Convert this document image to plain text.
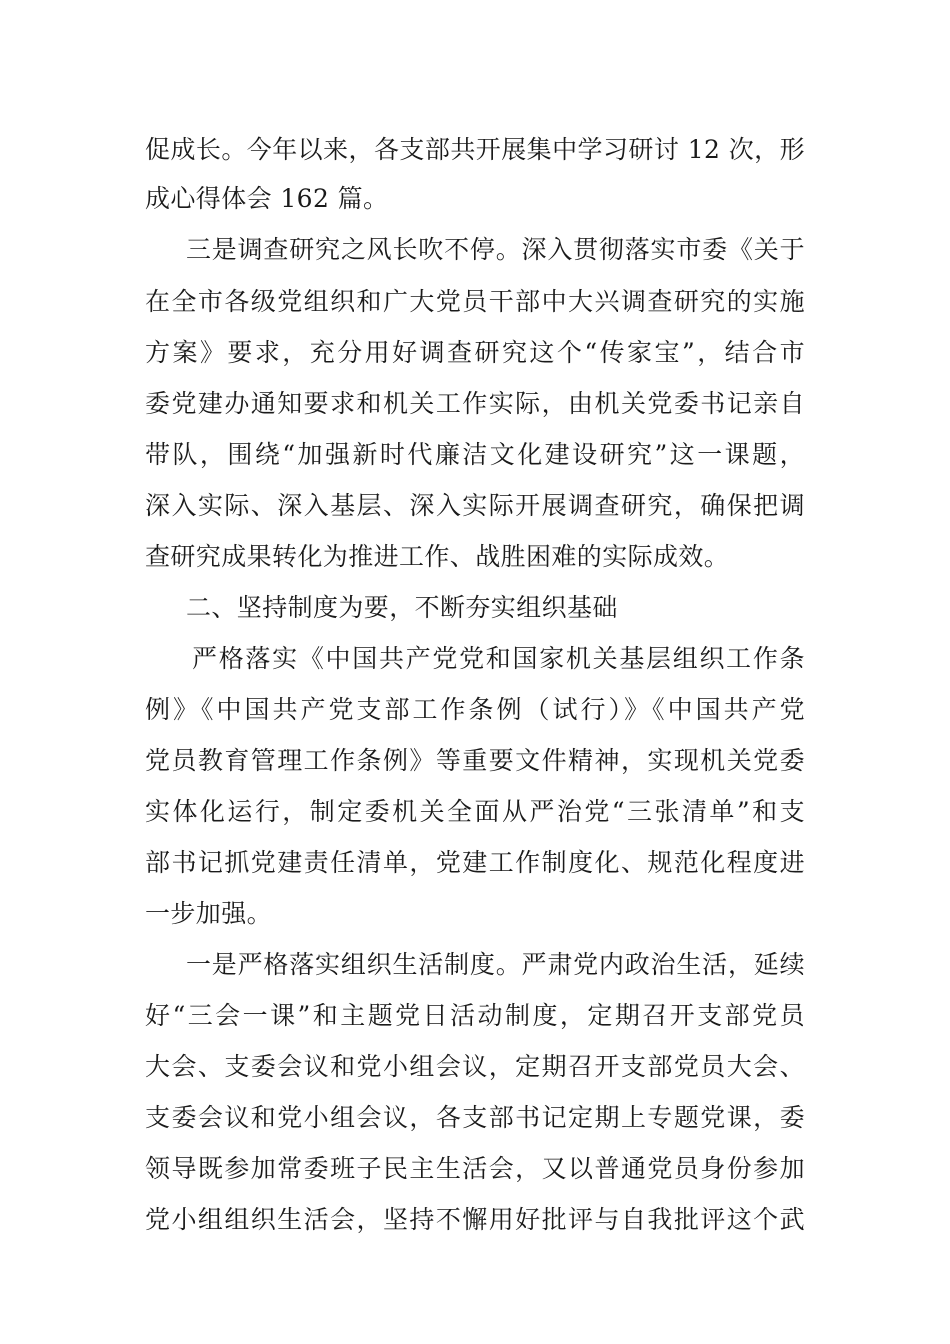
促成长。今年以来，各支部共开展集中学习研讨 12 次，形
成心得体会 162 篇。
三是调查研究之风长吹不停。深入贯彻落实市委《关于
在全市各级党组织和广大党员干部中大兴调查研究的实施
方案》要求，充分用好调查研究这个“传家宝”，结合市
委党建办通知要求和机关工作实际，由机关党委书记亲自
带队，围绕“加强新时代廉洁文化建设研究”这一课题，
深入实际、深入基层、深入实际开展调查研究，确保把调
查研究成果转化为推进工作、战胜困难的实际成效。
二、坚持制度为要，不断夯实组织基础
严格落实《中国共产党党和国家机关基层组织工作条
例》《中国共产党支部工作条例（试行）》《中国共产党
党员教育管理工作条例》等重要文件精神，实现机关党委
实体化运行，制定委机关全面从严治党“三张清单”和支
部书记抓党建责任清单，党建工作制度化、规范化程度进
一步加强。
一是严格落实组织生活制度。严肃党内政治生活，延续
好“三会一课”和主题党日活动制度，定期召开支部党员
大会、支委会议和党小组会议，定期召开支部党员大会、
支委会议和党小组会议，各支部书记定期上专题党课，委
领导既参加常委班子民主生活会，又以普通党员身份参加
党小组组织生活会，坚持不懈用好批评与自我批评这个武
